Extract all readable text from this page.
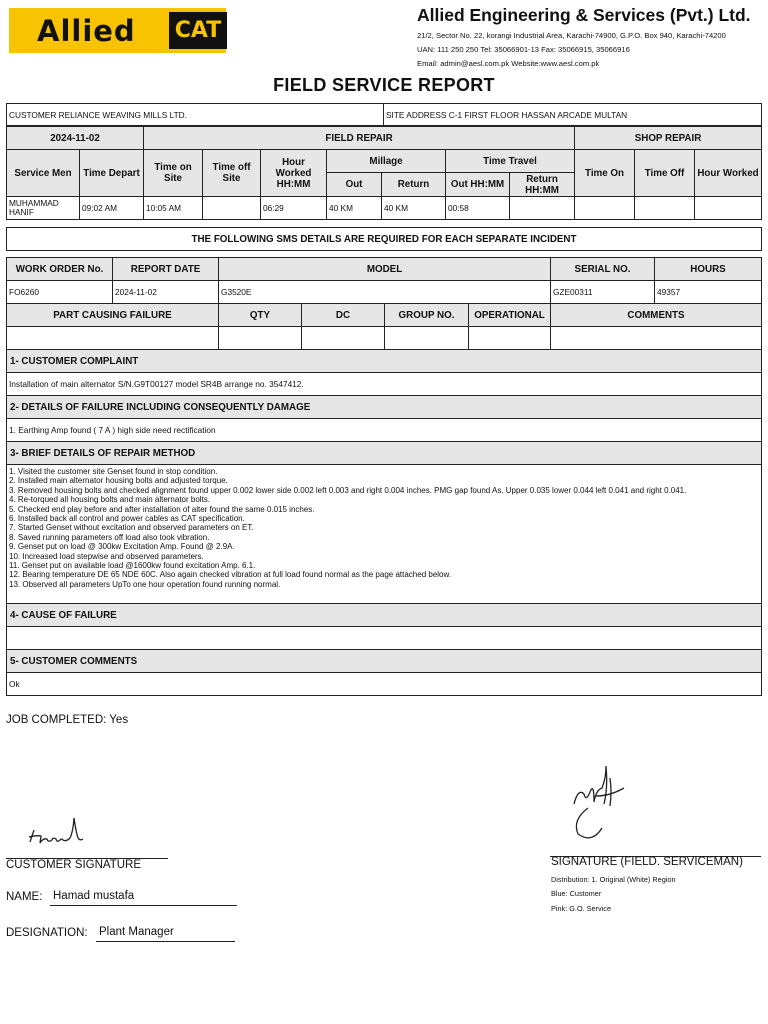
Allied CAT
Allied Engineering & Services (Pvt.) Ltd.
21/2, Sector No. 22, korangi Industrial Area, Karachi-74900, G.P.O. Box 940, Karachi-74200
UAN: 111 250 250 Tel: 35066901-13 Fax: 35066915, 35066916
Email: admin@aesl.com.pk Website:www.aesl.com.pk
FIELD SERVICE REPORT
CUSTOMER RELIANCE WEAVING MILLS LTD.	SITE ADDRESS C-1 FIRST FLOOR HASSAN ARCADE MULTAN
2024-11-02		FIELD REPAIR							SHOP REPAIR		
Service Men	Time Depart	Time on Site	Time off Site	Hour Worked HH:MM	Millage		Time Travel		Time On	Time Off	Hour Worked
					Out	Return	Out HH:MM	Return HH:MM			
MUHAMMAD HANIF	09:02 AM	10:05 AM		06:29	40 KM	40 KM	00:58				
THE FOLLOWING SMS DETAILS ARE REQUIRED FOR EACH SEPARATE INCIDENT
WORK ORDER No.	REPORT DATE	MODEL	SERIAL NO.	HOURS
FO6260	2024-11-02	G3520E	GZE00311	49357
PART CAUSING FAILURE	QTY	DC	GROUP NO.	OPERATIONAL	COMMENTS

1- CUSTOMER COMPLAINT
Installation of main alternator S/N.G9T00127 model SR4B arrange no. 3547412.
2- DETAILS OF FAILURE INCLUDING CONSEQUENTLY DAMAGE
1. Earthing Amp found ( 7 A ) high side need rectification
3- BRIEF DETAILS OF REPAIR METHOD

1. Visited the customer site Genset found in stop condition.
2. Installed main alternator housing bolts and adjusted torque.
3. Removed housing bolts and checked alignment found upper 0.002 lower side 0.002 left 0.003 and right 0.004 inches. PMG gap found As. Upper 0.035 lower 0.044 left 0.041 and right 0.041.
4. Re-torqued all housing bolts and main alternator bolts.
5. Checked end play before and after installation of alter found the same 0.015 inches.
6. Installed back all control and power cables as CAT specification.
7. Started Genset without excitation and observed parameters on ET.
8. Saved running parameters off load also took vibration.
9. Genset put on load @ 300kw Excitation Amp. Found @ 2.9A.
10. Increased load stepwise and observed parameters.
11. Genset put on available load @1600kw found excitation Amp. 6.1.
12. Bearing temperature DE 65 NDE 60C. Also again checked vibration at full load found normal as the page attached below.
13. Observed all parameters UpTo one hour operation found running normal.

4- CAUSE OF FAILURE

5- CUSTOMER COMMENTS
Ok
JOB COMPLETED: Yes
CUSTOMER SIGNATURE
NAME: Hamad mustafa
DESIGNATION: Plant Manager
SIGNATURE (FIELD. SERVICEMAN)
Distribution: 1. Original (White) Region
Blue: Customer
Pink: G.O. Service
